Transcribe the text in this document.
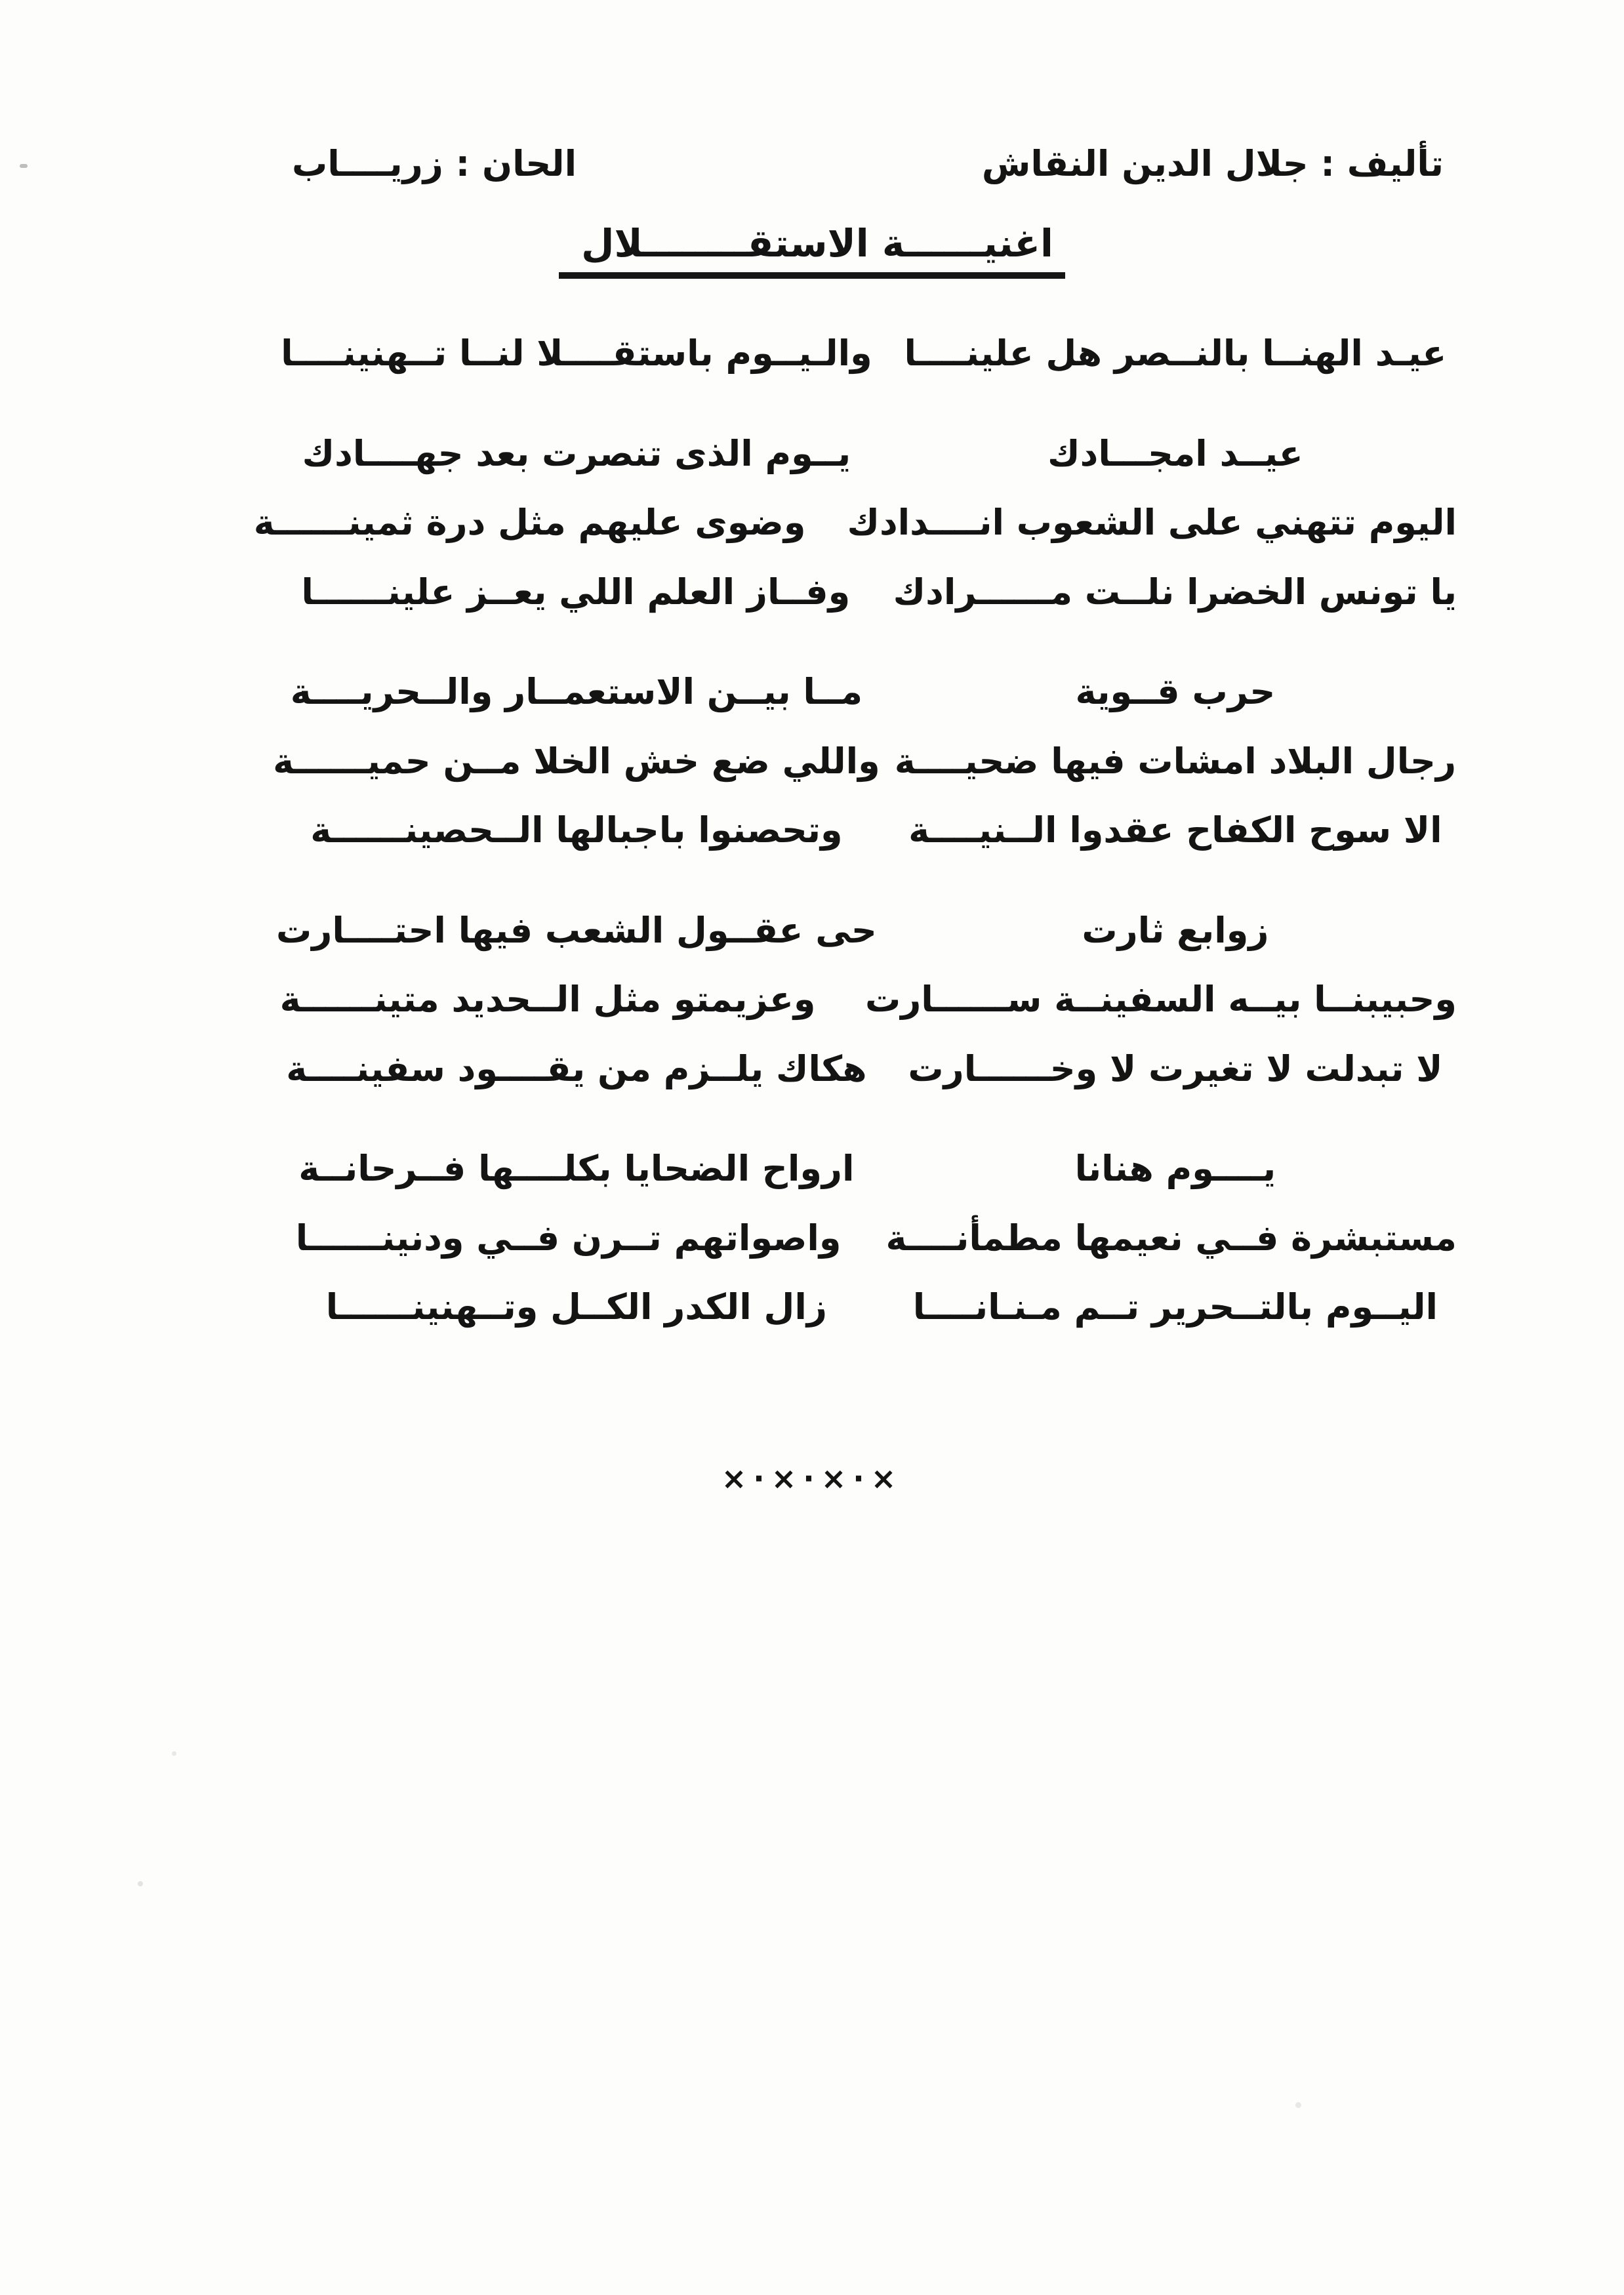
تأليف : جلال الدين النقاش
الحان : زريــــاب
اغنيــــــة الاستقــــــــلال
عيـد الهنــا بالنــصر هل علينــــا
والـيــوم باستقــــلا لنــا تــهنينــــا
عيــد امجـــادك
يــوم الذى تنصرت بعد جهــــادك
اليوم تتهني على الشعوب انــــدادك
وضوى عليهم مثل درة ثمينــــــة
يا تونس الخضرا نلــت مــــــرادك
وفــاز العلم اللي يعــز علينــــــا
حرب قــوية
مــا بيــن الاستعمــار والــحريــــة
رجال البلاد امشات فيها ضحيــــة
واللي ضع خش الخلا مــن حميــــــة
الا سوح الكفاح عقدوا الــنيــــة
وتحصنوا باجبالها الــحصينــــــة
زوابع ثارت
حى عقــول الشعب فيها احتــــارت
وحبيبنــا بيــه السفينــة ســــــارت
وعزيمتو مثل الــحديد متينــــــة
لا تبدلت لا تغيرت لا وخــــــارت
هكاك يلــزم من يقــــود سفينــــة
يــــوم هنانا
ارواح الضحايا بكلــــها فــرحانــة
مستبشرة فــي نعيمها مطمأنــــة
واصواتهم تــرن فــي ودنينــــــا
اليــوم بالتــحرير تــم مـنـانــــا
زال الكدر الكــل وتــهنينــــــا
×·×·×·×
